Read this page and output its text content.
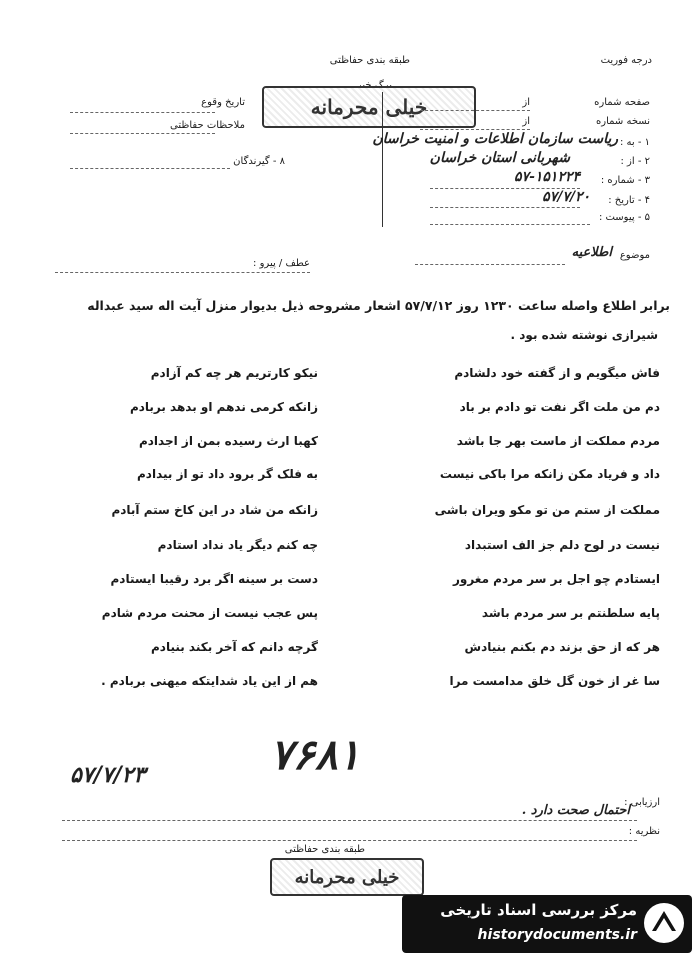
درجه فوریت
طبقه بندی حفاظتی
خیلی محرمانه
تاریخ وقوع
ملاحظات حفاظتی
۸ - گیرندگان
صفحه شماره
از
نسخه شماره
از
۱ - به :
ریاست سازمان اطلاعات و امنیت خراسان
۲ - از :
شهربانی استان خراسان
۳ - شماره :
۵۷-۱۵۱۲۲۴
۴ - تاریخ :
۵۷/۷/۲۰
۵ - پیوست :
موضوع
اطلاعیه
عطف / پیرو :
برابر اطلاع واصله ساعت ۱۲۳۰ روز ۵۷/۷/۱۲ اشعار مشروحه ذیل بدیوار منزل آیت اله سید عبداله
شیرازی نوشته شده بود .
فاش میگویم و از گفته خود دلشادم
نیکو کارتریم هر چه کم آزادم
دم من ملت اگر نفت تو دادم بر باد
زانکه کرمی ندهم او بدهد بربادم
مردم مملکت از ماست بهر جا باشد
کهبا ارث رسیده بمن از اجدادم
داد و فریاد مکن زانکه مرا باکی نیست
به فلک گر برود داد تو از بیدادم
مملکت از ستم من تو مکو ویران باشی
زانکه من شاد در این کاخ ستم آبادم
نیست در لوح دلم جز الف استبداد
چه کنم دیگر یاد نداد استادم
ایستادم چو اجل بر سر مردم مغرور
دست بر سینه اگر برد رقیبا ایستادم
پایه سلطنتم بر سر مردم باشد
پس عجب نیست از محنت مردم شادم
هر که از حق بزند دم بکنم بنیادش
گرچه دانم که آخر بکند بنیادم
سا غر از خون گل خلق مدامست مرا
هم از این یاد شدایتکه میهنی بربادم .
۷۶۸۱
۵۷/۷/۲۳
ارزیابی :
احتمال صحت دارد .
نظریه :
طبقه بندی حفاظتی
خیلی محرمانه
مرکز بررسی اسناد تاریخی
historydocuments.ir
